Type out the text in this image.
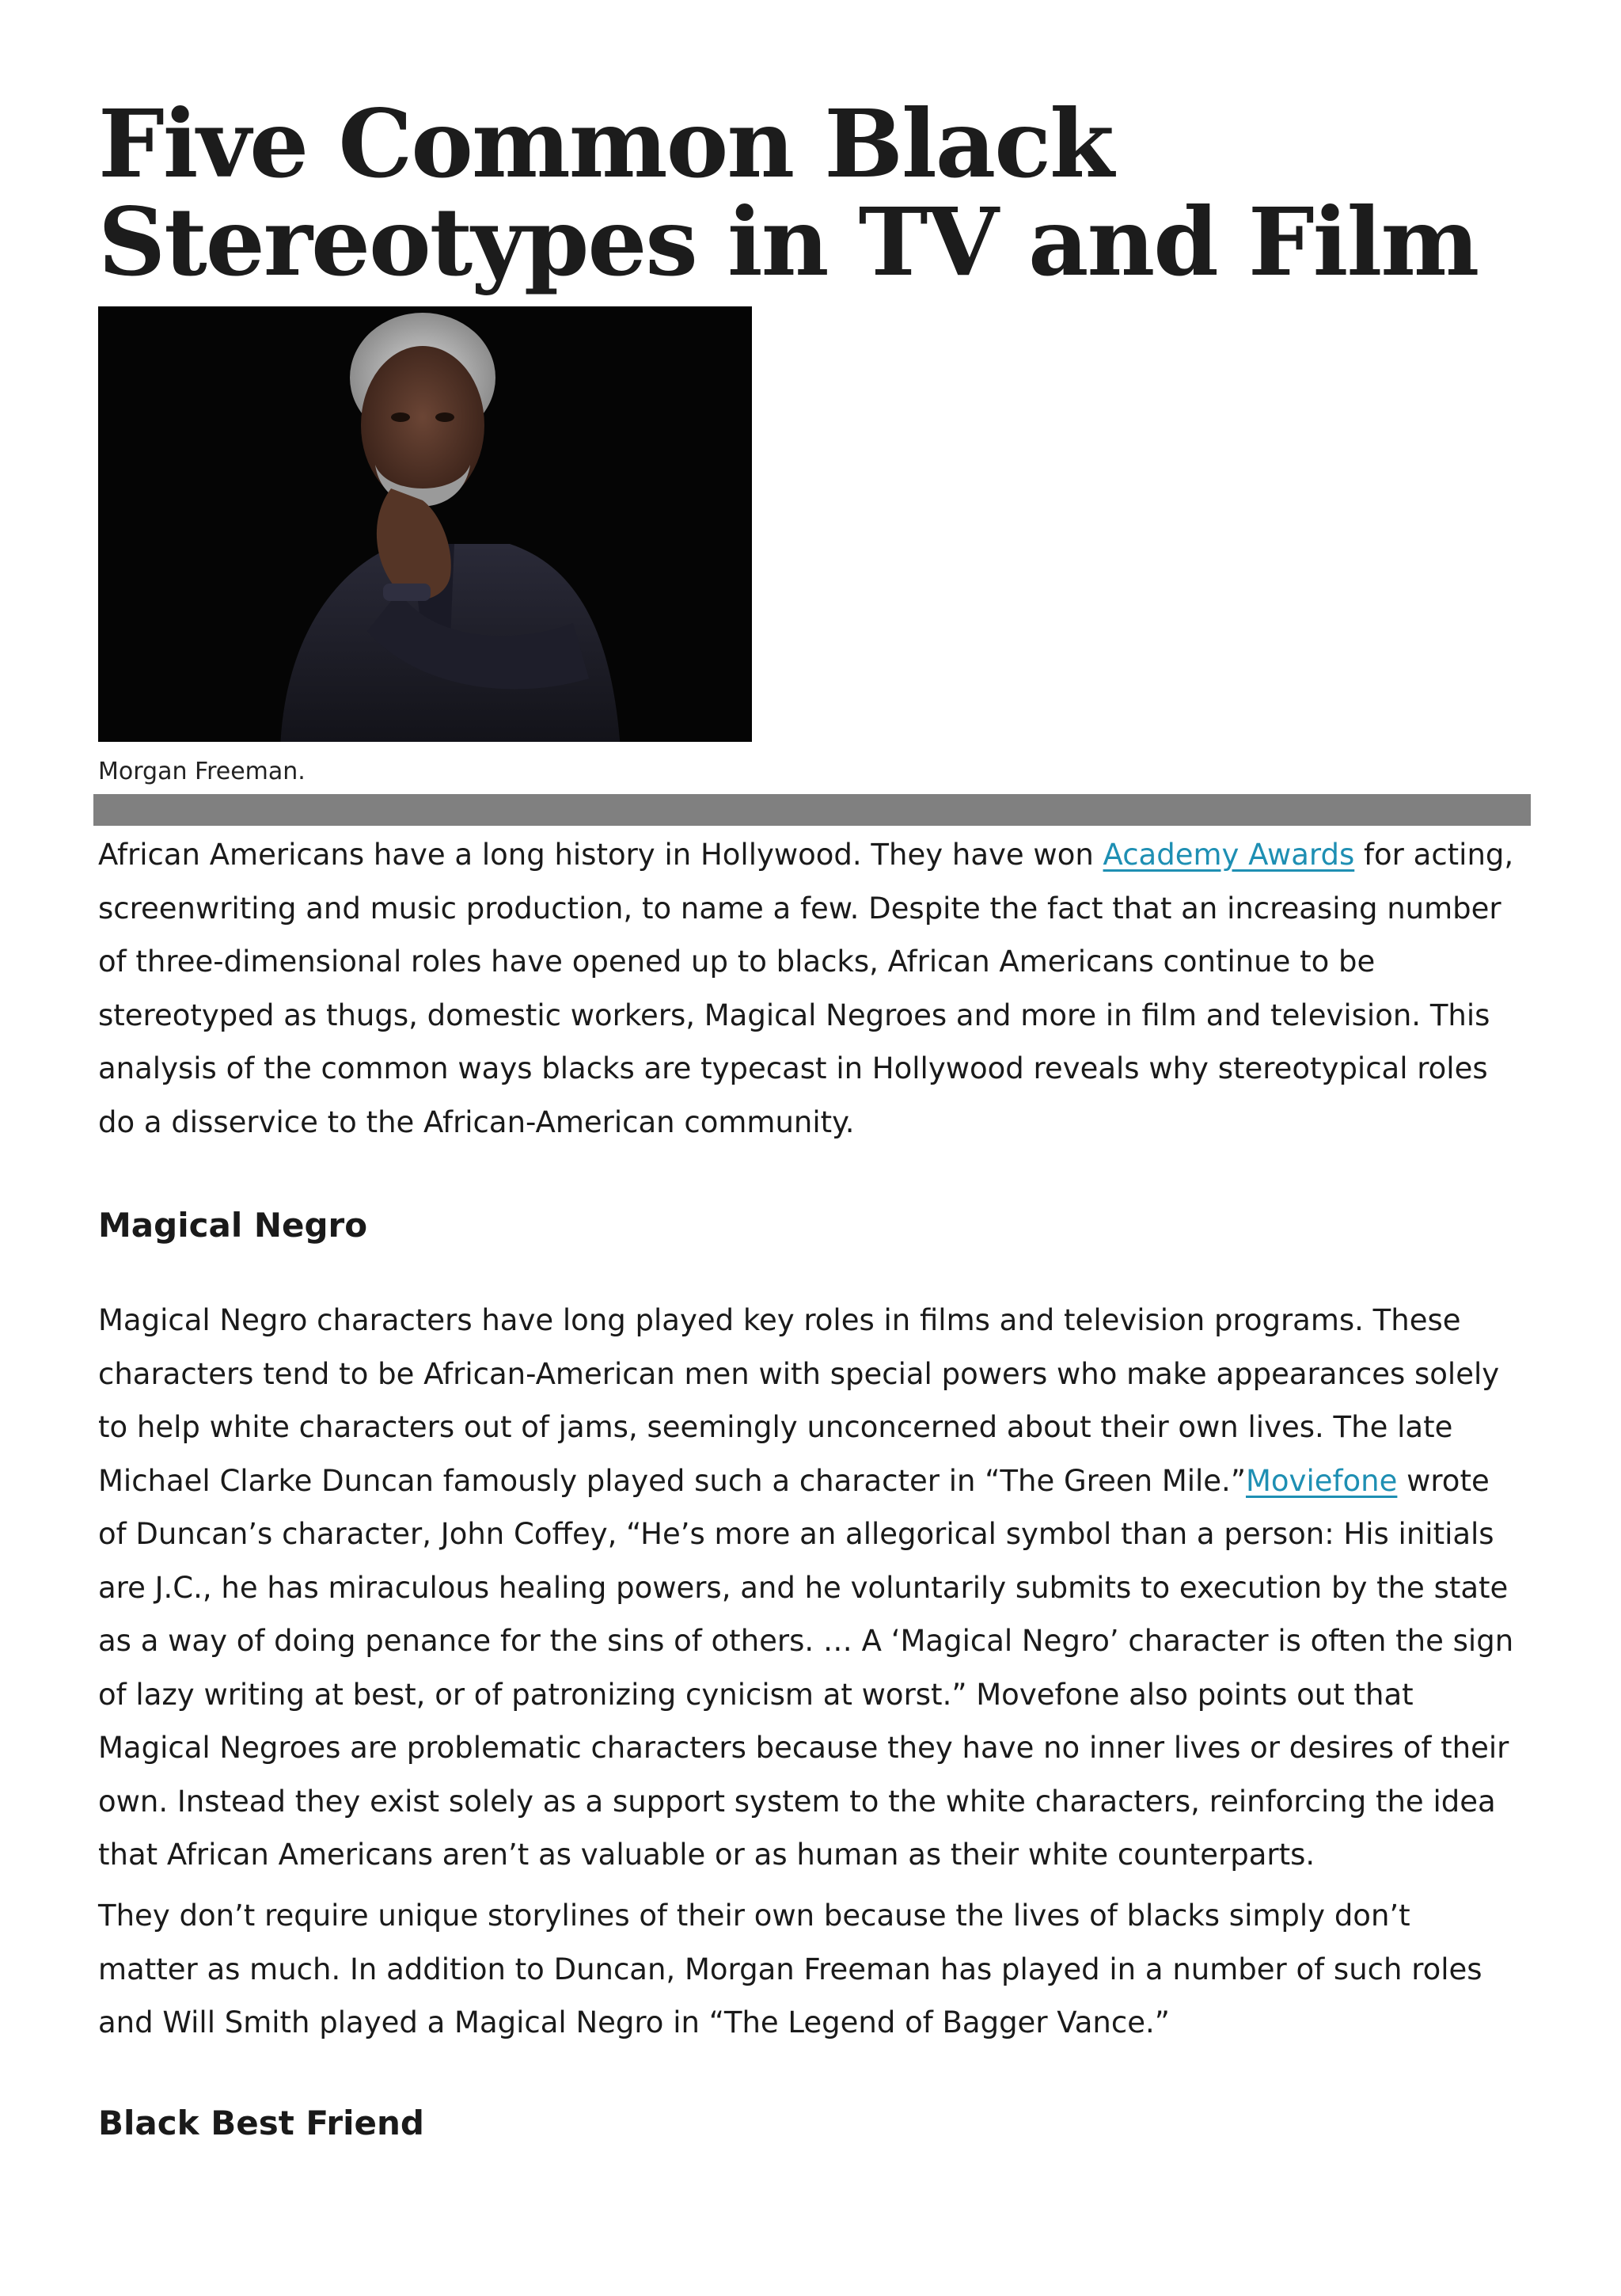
Five Common Black Stereotypes in TV and Film
Morgan Freeman.

African Americans have a long history in Hollywood. They have won Academy Awards for acting, screenwriting and music production, to name a few. Despite the fact that an increasing number of three-dimensional roles have opened up to blacks, African Americans continue to be stereotyped as thugs, domestic workers, Magical Negroes and more in film and television. This analysis of the common ways blacks are typecast in Hollywood reveals why stereotypical roles do a disservice to the African-American community.

Magical Negro

Magical Negro characters have long played key roles in films and television programs. These characters tend to be African-American men with special powers who make appearances solely to help white characters out of jams, seemingly unconcerned about their own lives. The late Michael Clarke Duncan famously played such a character in “The Green Mile.”Moviefone wrote of Duncan’s character, John Coffey, “He’s more an allegorical symbol than a person: His initials are J.C., he has miraculous healing powers, and he voluntarily submits to execution by the state as a way of doing penance for the sins of others. … A ‘Magical Negro’ character is often the sign of lazy writing at best, or of patronizing cynicism at worst.” Movefone also points out that Magical Negroes are problematic characters because they have no inner lives or desires of their own. Instead they exist solely as a support system to the white characters, reinforcing the idea that African Americans aren’t as valuable or as human as their white counterparts.

They don’t require unique storylines of their own because the lives of blacks simply don’t matter as much. In addition to Duncan, Morgan Freeman has played in a number of such roles and Will Smith played a Magical Negro in “The Legend of Bagger Vance.”

Black Best Friend
